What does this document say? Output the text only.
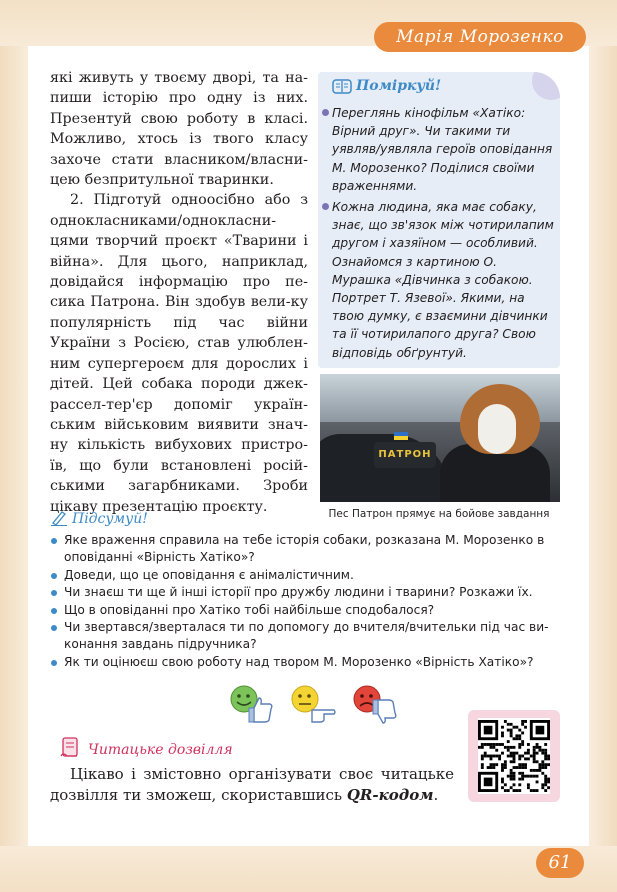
Марія Морозенко

які живуть у твоєму дворі, та на-пиши історію про одну із них. Презентуй свою роботу в класі. Можливо, хтось із твого класу захоче стати власником/власни-цею безпритульної тваринки.

2. Підготуй одноосібно або з однокласниками/однокласни-цями творчий проєкт «Тварини і війна». Для цього, наприклад, довідайся інформацію про пе-сика Патрона. Він здобув вели-ку популярність під час війни України з Росією, став улюблен-ним супергероєм для дорослих і дітей. Цей собака породи джек-рассел-тер'єр допоміг україн-ським військовим виявити знач-ну кількість вибухових пристро-їв, що були встановлені росій-ськими загарбниками. Зроби цікаву презентацію проєкту.

Поміркуй!
Переглянь кінофільм «Хатіко: Вірний друг». Чи такими ти уявляв/уявляла героїв оповідання М. Морозенко? Поділися своїми враженнями.
Кожна людина, яка має собаку, знає, що зв'язок між чотирилапим другом і хазяїном — особливий. Ознайомся з картиною О. Мурашка «Дівчинка з собакою. Портрет Т. Язевої». Якими, на твою думку, є взаємини дівчинки та її чотирилапого друга? Свою відповідь обґрунтуй.
ПАТРОН
Пес Патрон прямує на бойове завдання
Підсумуй!
Яке враження справила на тебе історія собаки, розказана М. Морозенко в оповіданні «Вірність Хатіко»?
Доведи, що це оповідання є анімалістичним.
Чи знаєш ти ще й інші історії про дружбу людини і тварини? Розкажи їх.
Що в оповіданні про Хатіко тобі найбільше сподобалося?
Чи звертався/зверталася ти по допомогу до вчителя/вчительки під час ви-конання завдань підручника?
Як ти оцінюєш свою роботу над твором М. Морозенко «Вірність Хатіко»?
Читацьке дозвілля
Цікаво і змістовно організувати своє читацьке дозвілля ти зможеш, скориставшись QR-кодом.
61
